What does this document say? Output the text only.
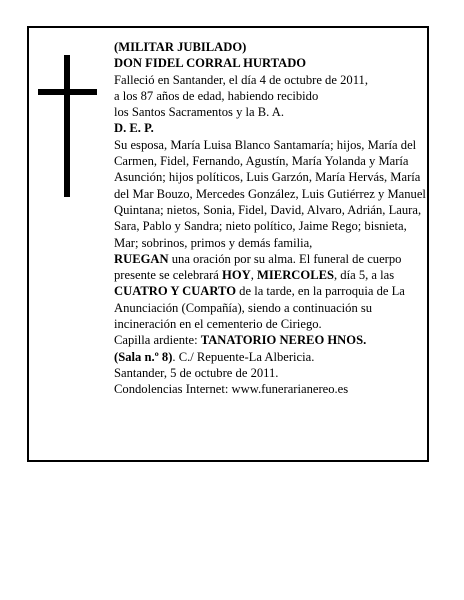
(MILITAR JUBILADO)

DON FIDEL CORRAL HURTADO

Falleció en Santander, el día 4 de octubre de 2011,

a los 87 años de edad, habiendo recibido

los Santos Sacramentos y la B. A.

D. E. P.

Su esposa, María Luisa Blanco Santamaría; hijos, María del Carmen, Fidel, Fernando, Agustín, María Yolanda y María Asunción; hijos políticos, Luis Garzón, María Hervás, María del Mar Bouzo, Mercedes González, Luis Gutiérrez y Manuel Quintana; nietos, Sonia, Fidel, David, Alvaro, Adrián, Laura, Sara, Pablo y Sandra; nieto político, Jaime Rego; bisnieta, Mar; sobrinos, primos y demás familia,

RUEGAN una oración por su alma. El funeral de cuerpo presente se celebrará HOY, MIERCOLES, día 5, a las CUATRO Y CUARTO de la tarde, en la parroquia de La Anunciación (Compañía), siendo a continuación su incineración en el cementerio de Ciriego.

Capilla ardiente: TANATORIO NEREO HNOS.
(Sala n.º 8). C./ Repuente-La Albericia.

Santander, 5 de octubre de 2011.

Condolencias Internet: www.funerarianereo.es
